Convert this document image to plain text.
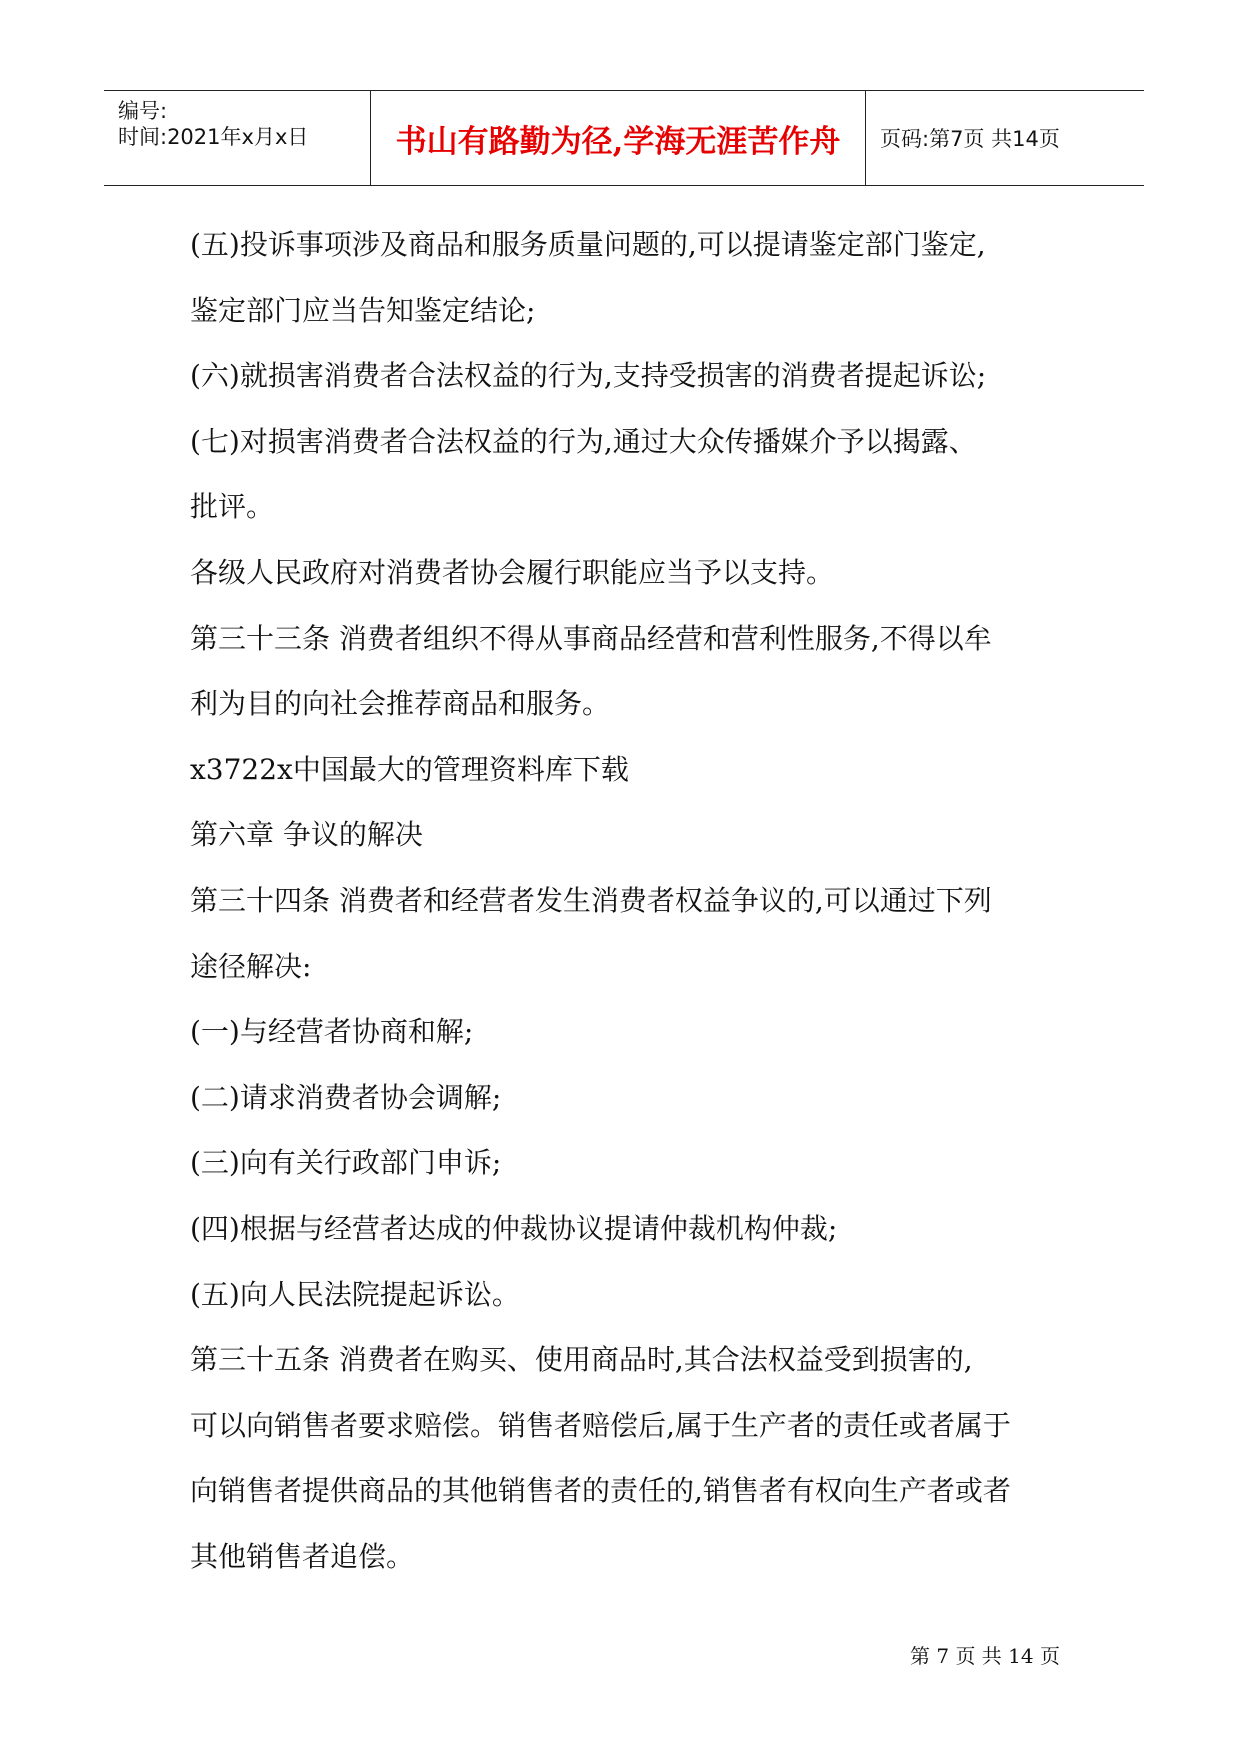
编号:
时间:2021年x月x日	书山有路勤为径,学海无涯苦作舟 页码:第7页 共14页
(五)投诉事项涉及商品和服务质量问题的,可以提请鉴定部门鉴定,
鉴定部门应当告知鉴定结论;
(六)就损害消费者合法权益的行为,支持受损害的消费者提起诉讼;
(七)对损害消费者合法权益的行为,通过大众传播媒介予以揭露、
批评。
各级人民政府对消费者协会履行职能应当予以支持。
第三十三条 消费者组织不得从事商品经营和营利性服务,不得以牟
利为目的向社会推荐商品和服务。
x3722x中国最大的管理资料库下载
第六章 争议的解决
第三十四条 消费者和经营者发生消费者权益争议的,可以通过下列
途径解决:
(一)与经营者协商和解;
(二)请求消费者协会调解;
(三)向有关行政部门申诉;
(四)根据与经营者达成的仲裁协议提请仲裁机构仲裁;
(五)向人民法院提起诉讼。
第三十五条 消费者在购买、使用商品时,其合法权益受到损害的,
可以向销售者要求赔偿。销售者赔偿后,属于生产者的责任或者属于
向销售者提供商品的其他销售者的责任的,销售者有权向生产者或者
其他销售者追偿。
第 7 页 共 14 页
